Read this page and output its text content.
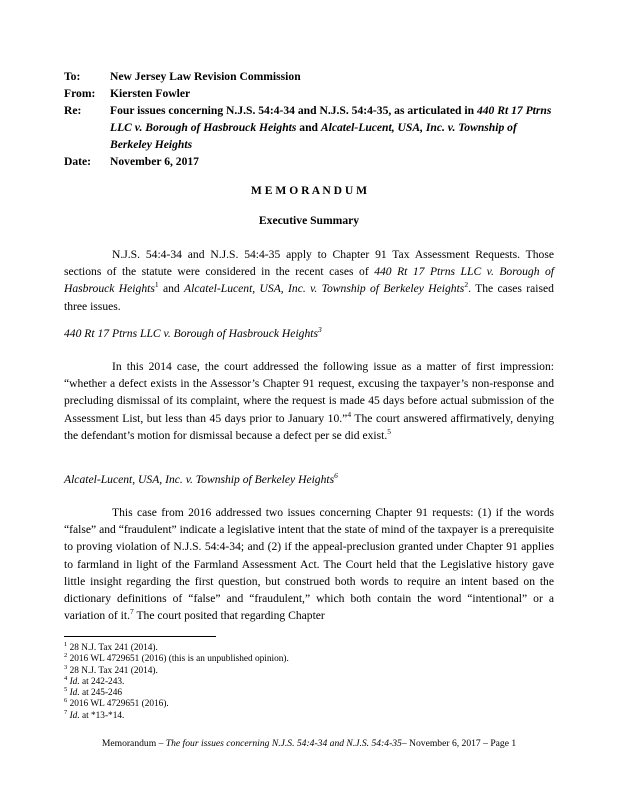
To:	New Jersey Law Revision Commission
From: Kiersten Fowler
Re: Four issues concerning N.J.S. 54:4-34 and N.J.S. 54:4-35, as articulated in 440 Rt 17 Ptrns LLC v. Borough of Hasbrouck Heights and Alcatel-Lucent, USA, Inc. v. Township of Berkeley Heights
Date: November 6, 2017
M E M O R A N D U M
Executive Summary
N.J.S. 54:4-34 and N.J.S. 54:4-35 apply to Chapter 91 Tax Assessment Requests. Those sections of the statute were considered in the recent cases of 440 Rt 17 Ptrns LLC v. Borough of Hasbrouck Heights$^1$ and Alcatel-Lucent, USA, Inc. v. Township of Berkeley Heights$^2$. The cases raised three issues.
440 Rt 17 Ptrns LLC v. Borough of Hasbrouck Heights$^3$
In this 2014 case, the court addressed the following issue as a matter of first impression: “whether a defect exists in the Assessor’s Chapter 91 request, excusing the taxpayer’s non-response and precluding dismissal of its complaint, where the request is made 45 days before actual submission of the Assessment List, but less than 45 days prior to January 10.”$^4$ The court answered affirmatively, denying the defendant’s motion for dismissal because a defect per se did exist.$^5$
Alcatel-Lucent, USA, Inc. v. Township of Berkeley Heights$^6$
This case from 2016 addressed two issues concerning Chapter 91 requests: (1) if the words “false” and “fraudulent” indicate a legislative intent that the state of mind of the taxpayer is a prerequisite to proving violation of N.J.S. 54:4-34; and (2) if the appeal-preclusion granted under Chapter 91 applies to farmland in light of the Farmland Assessment Act. The Court held that the Legislative history gave little insight regarding the first question, but construed both words to require an intent based on the dictionary definitions of “false” and “fraudulent,” which both contain the word “intentional” or a variation of it.$^7$ The court posited that regarding Chapter
$^1$ 28 N.J. Tax 241 (2014).
$^2$ 2016 WL 4729651 (2016) (this is an unpublished opinion).
$^3$ 28 N.J. Tax 241 (2014).
$^4$ Id. at 242-243.
$^5$ Id. at 245-246
$^6$ 2016 WL 4729651 (2016).
$^7$ Id. at *13-*14.
Memorandum – The four issues concerning N.J.S. 54:4-34 and N.J.S. 54:4-35– November 6, 2017 – Page 1
